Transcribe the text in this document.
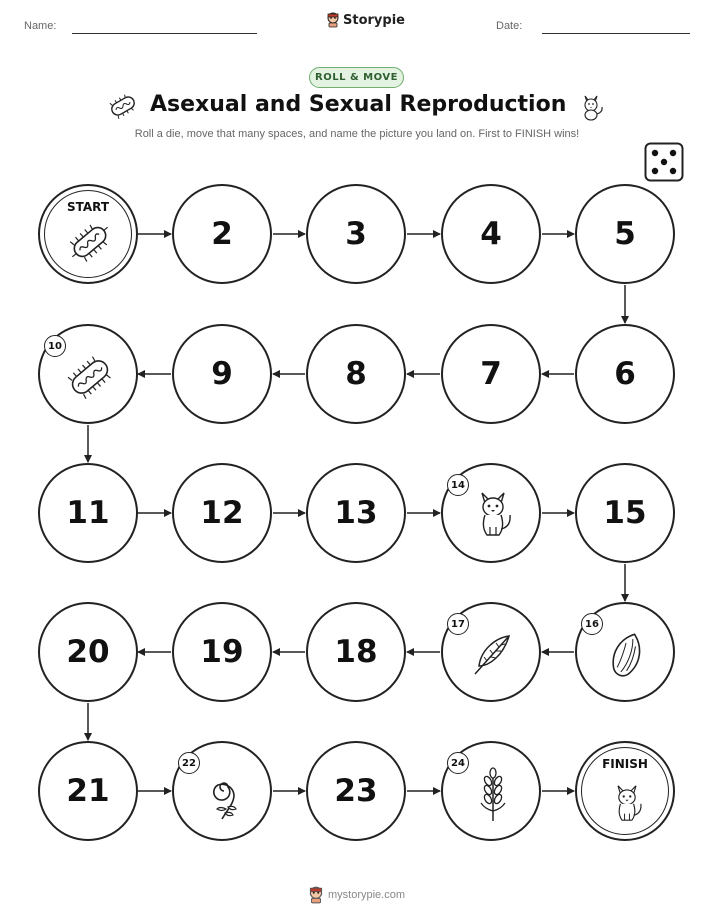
Name:	Storypie	Date:
ROLL & MOVE
Asexual and Sexual Reproduction
Roll a die, move that many spaces, and name the picture you land on. First to FINISH wins!
START
2	3	4	5
10
9	8	7	6
11	12	13
14
15
20	19	18
17	16
21
22
23
24	FINISH
mystorypie.com
